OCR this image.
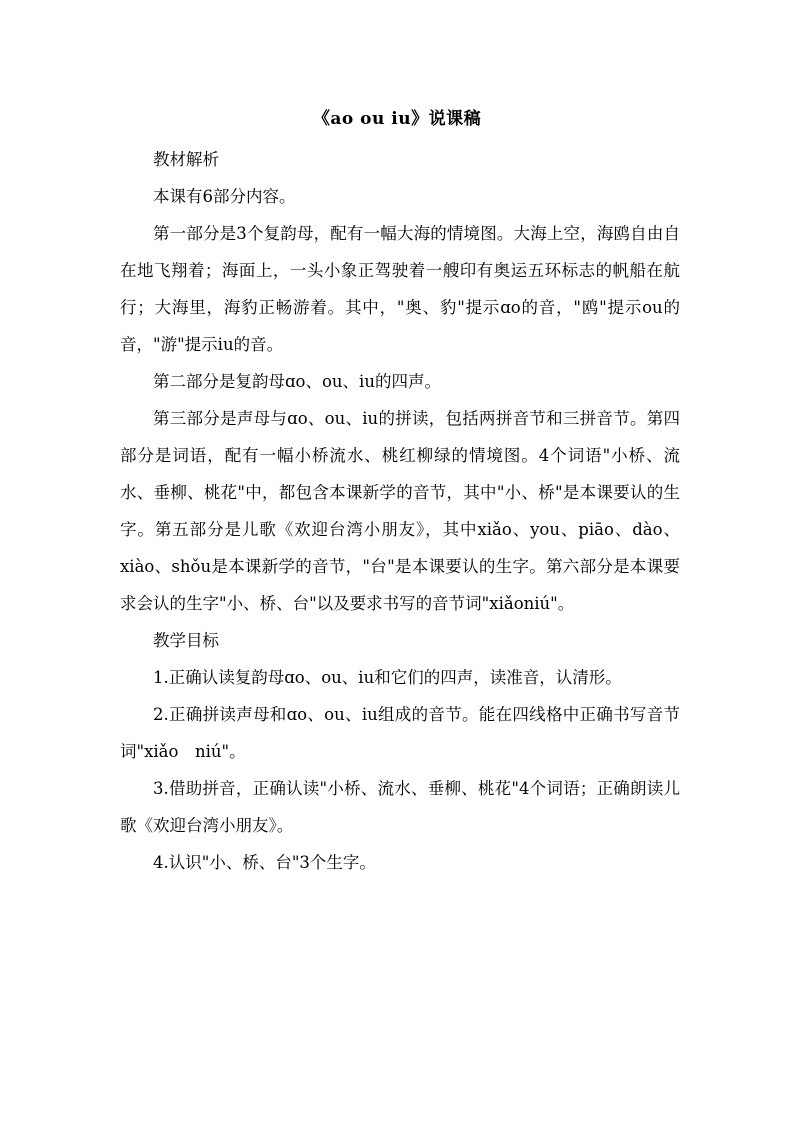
《ao ou iu》说课稿

教材解析

本课有6部分内容。

第一部分是3个复韵母，配有一幅大海的情境图。大海上空，海鸥自由自在地飞翔着；海面上，一头小象正驾驶着一艘印有奥运五环标志的帆船在航行；大海里，海豹正畅游着。其中，"奥、豹"提示ɑo的音，"鸥"提示ou的音，"游"提示iu的音。

第二部分是复韵母ɑo、ou、iu的四声。

第三部分是声母与ɑo、ou、iu的拼读，包括两拼音节和三拼音节。第四部分是词语，配有一幅小桥流水、桃红柳绿的情境图。4个词语"小桥、流水、垂柳、桃花"中，都包含本课新学的音节，其中"小、桥"是本课要认的生字。第五部分是儿歌《欢迎台湾小朋友》，其中xiǎo、you、piāo、dào、xiào、shǒu是本课新学的音节，"台"是本课要认的生字。第六部分是本课要求会认的生字"小、桥、台"以及要求书写的音节词"xiǎoniú"。

教学目标

1.正确认读复韵母ɑo、ou、iu和它们的四声，读准音，认清形。

2.正确拼读声母和ɑo、ou、iu组成的音节。能在四线格中正确书写音节词"xiǎo　niú"。

3.借助拼音，正确认读"小桥、流水、垂柳、桃花"4个词语；正确朗读儿歌《欢迎台湾小朋友》。

4.认识"小、桥、台"3个生字。
